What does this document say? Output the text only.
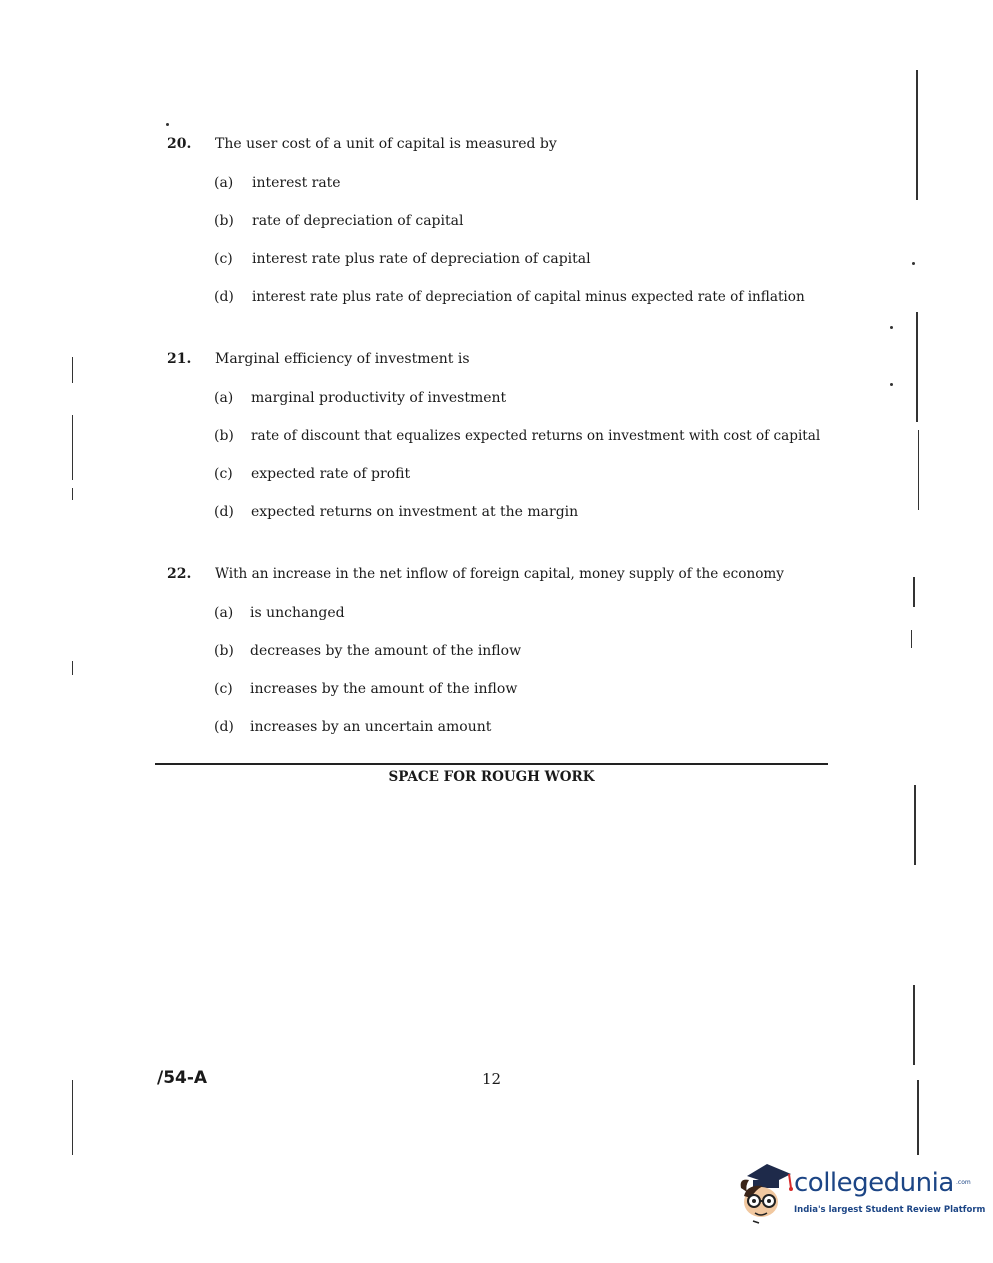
20. The user cost of a unit of capital is measured by
(a) interest rate
(b) rate of depreciation of capital
(c) interest rate plus rate of depreciation of capital
(d) interest rate plus rate of depreciation of capital minus expected rate of inflation
21. Marginal efficiency of investment is
(a) marginal productivity of investment
(b) rate of discount that equalizes expected returns on investment with cost of capital
(c) expected rate of profit
(d) expected returns on investment at the margin
22. With an increase in the net inflow of foreign capital, money supply of the economy
(a) is unchanged
(b) decreases by the amount of the inflow
(c) increases by the amount of the inflow
(d) increases by an uncertain amount
SPACE FOR ROUGH WORK
/54-A	12
collegedunia .com
India's largest Student Review Platform
